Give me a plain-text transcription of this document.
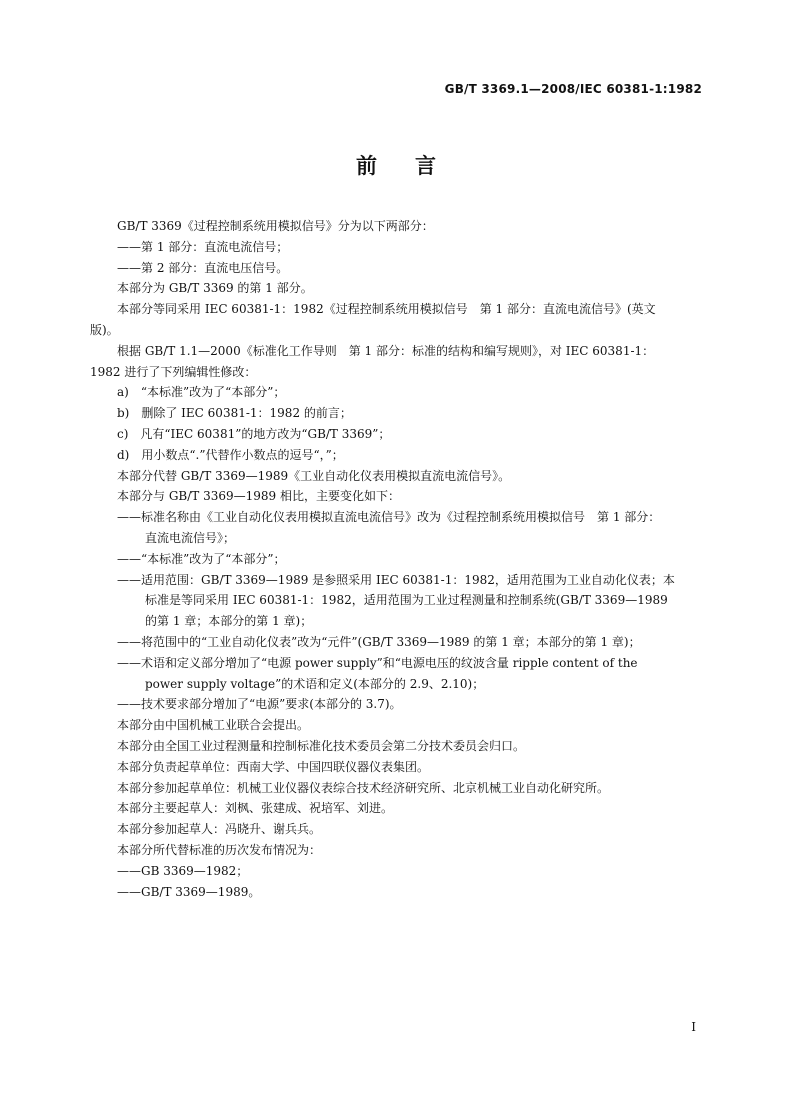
GB/T 3369.1—2008/IEC 60381-1:1982
前言

GB/T 3369《过程控制系统用模拟信号》分为以下两部分：

——第 1 部分：直流电流信号；

——第 2 部分：直流电压信号。

本部分为 GB/T 3369 的第 1 部分。

本部分等同采用 IEC 60381-1：1982《过程控制系统用模拟信号　第 1 部分：直流电流信号》(英文

版)。

根据 GB/T 1.1—2000《标准化工作导则　第 1 部分：标准的结构和编写规则》，对 IEC 60381-1：

1982 进行了下列编辑性修改：

a)　“本标准”改为了“本部分”；

b)　删除了 IEC 60381-1：1982 的前言；

c)　凡有“IEC 60381”的地方改为“GB/T 3369”；

d)　用小数点“.”代替作小数点的逗号“，”；

本部分代替 GB/T 3369—1989《工业自动化仪表用模拟直流电流信号》。

本部分与 GB/T 3369—1989 相比，主要变化如下：

——标准名称由《工业自动化仪表用模拟直流电流信号》改为《过程控制系统用模拟信号　第 1 部分：

直流电流信号》；

——“本标准”改为了“本部分”；

——适用范围：GB/T 3369—1989 是参照采用 IEC 60381-1：1982，适用范围为工业自动化仪表；本

标准是等同采用 IEC 60381-1：1982，适用范围为工业过程测量和控制系统(GB/T 3369—1989

的第 1 章；本部分的第 1 章)；

——将范围中的“工业自动化仪表”改为“元件”(GB/T 3369—1989 的第 1 章；本部分的第 1 章)；

——术语和定义部分增加了“电源 power supply”和“电源电压的纹波含量 ripple content of the

power supply voltage”的术语和定义(本部分的 2.9、2.10)；

——技术要求部分增加了“电源”要求(本部分的 3.7)。

本部分由中国机械工业联合会提出。

本部分由全国工业过程测量和控制标准化技术委员会第二分技术委员会归口。

本部分负责起草单位：西南大学、中国四联仪器仪表集团。

本部分参加起草单位：机械工业仪器仪表综合技术经济研究所、北京机械工业自动化研究所。

本部分主要起草人：刘枫、张建成、祝培军、刘进。

本部分参加起草人：冯晓升、谢兵兵。

本部分所代替标准的历次发布情况为：

——GB 3369—1982；

——GB/T 3369—1989。

I
